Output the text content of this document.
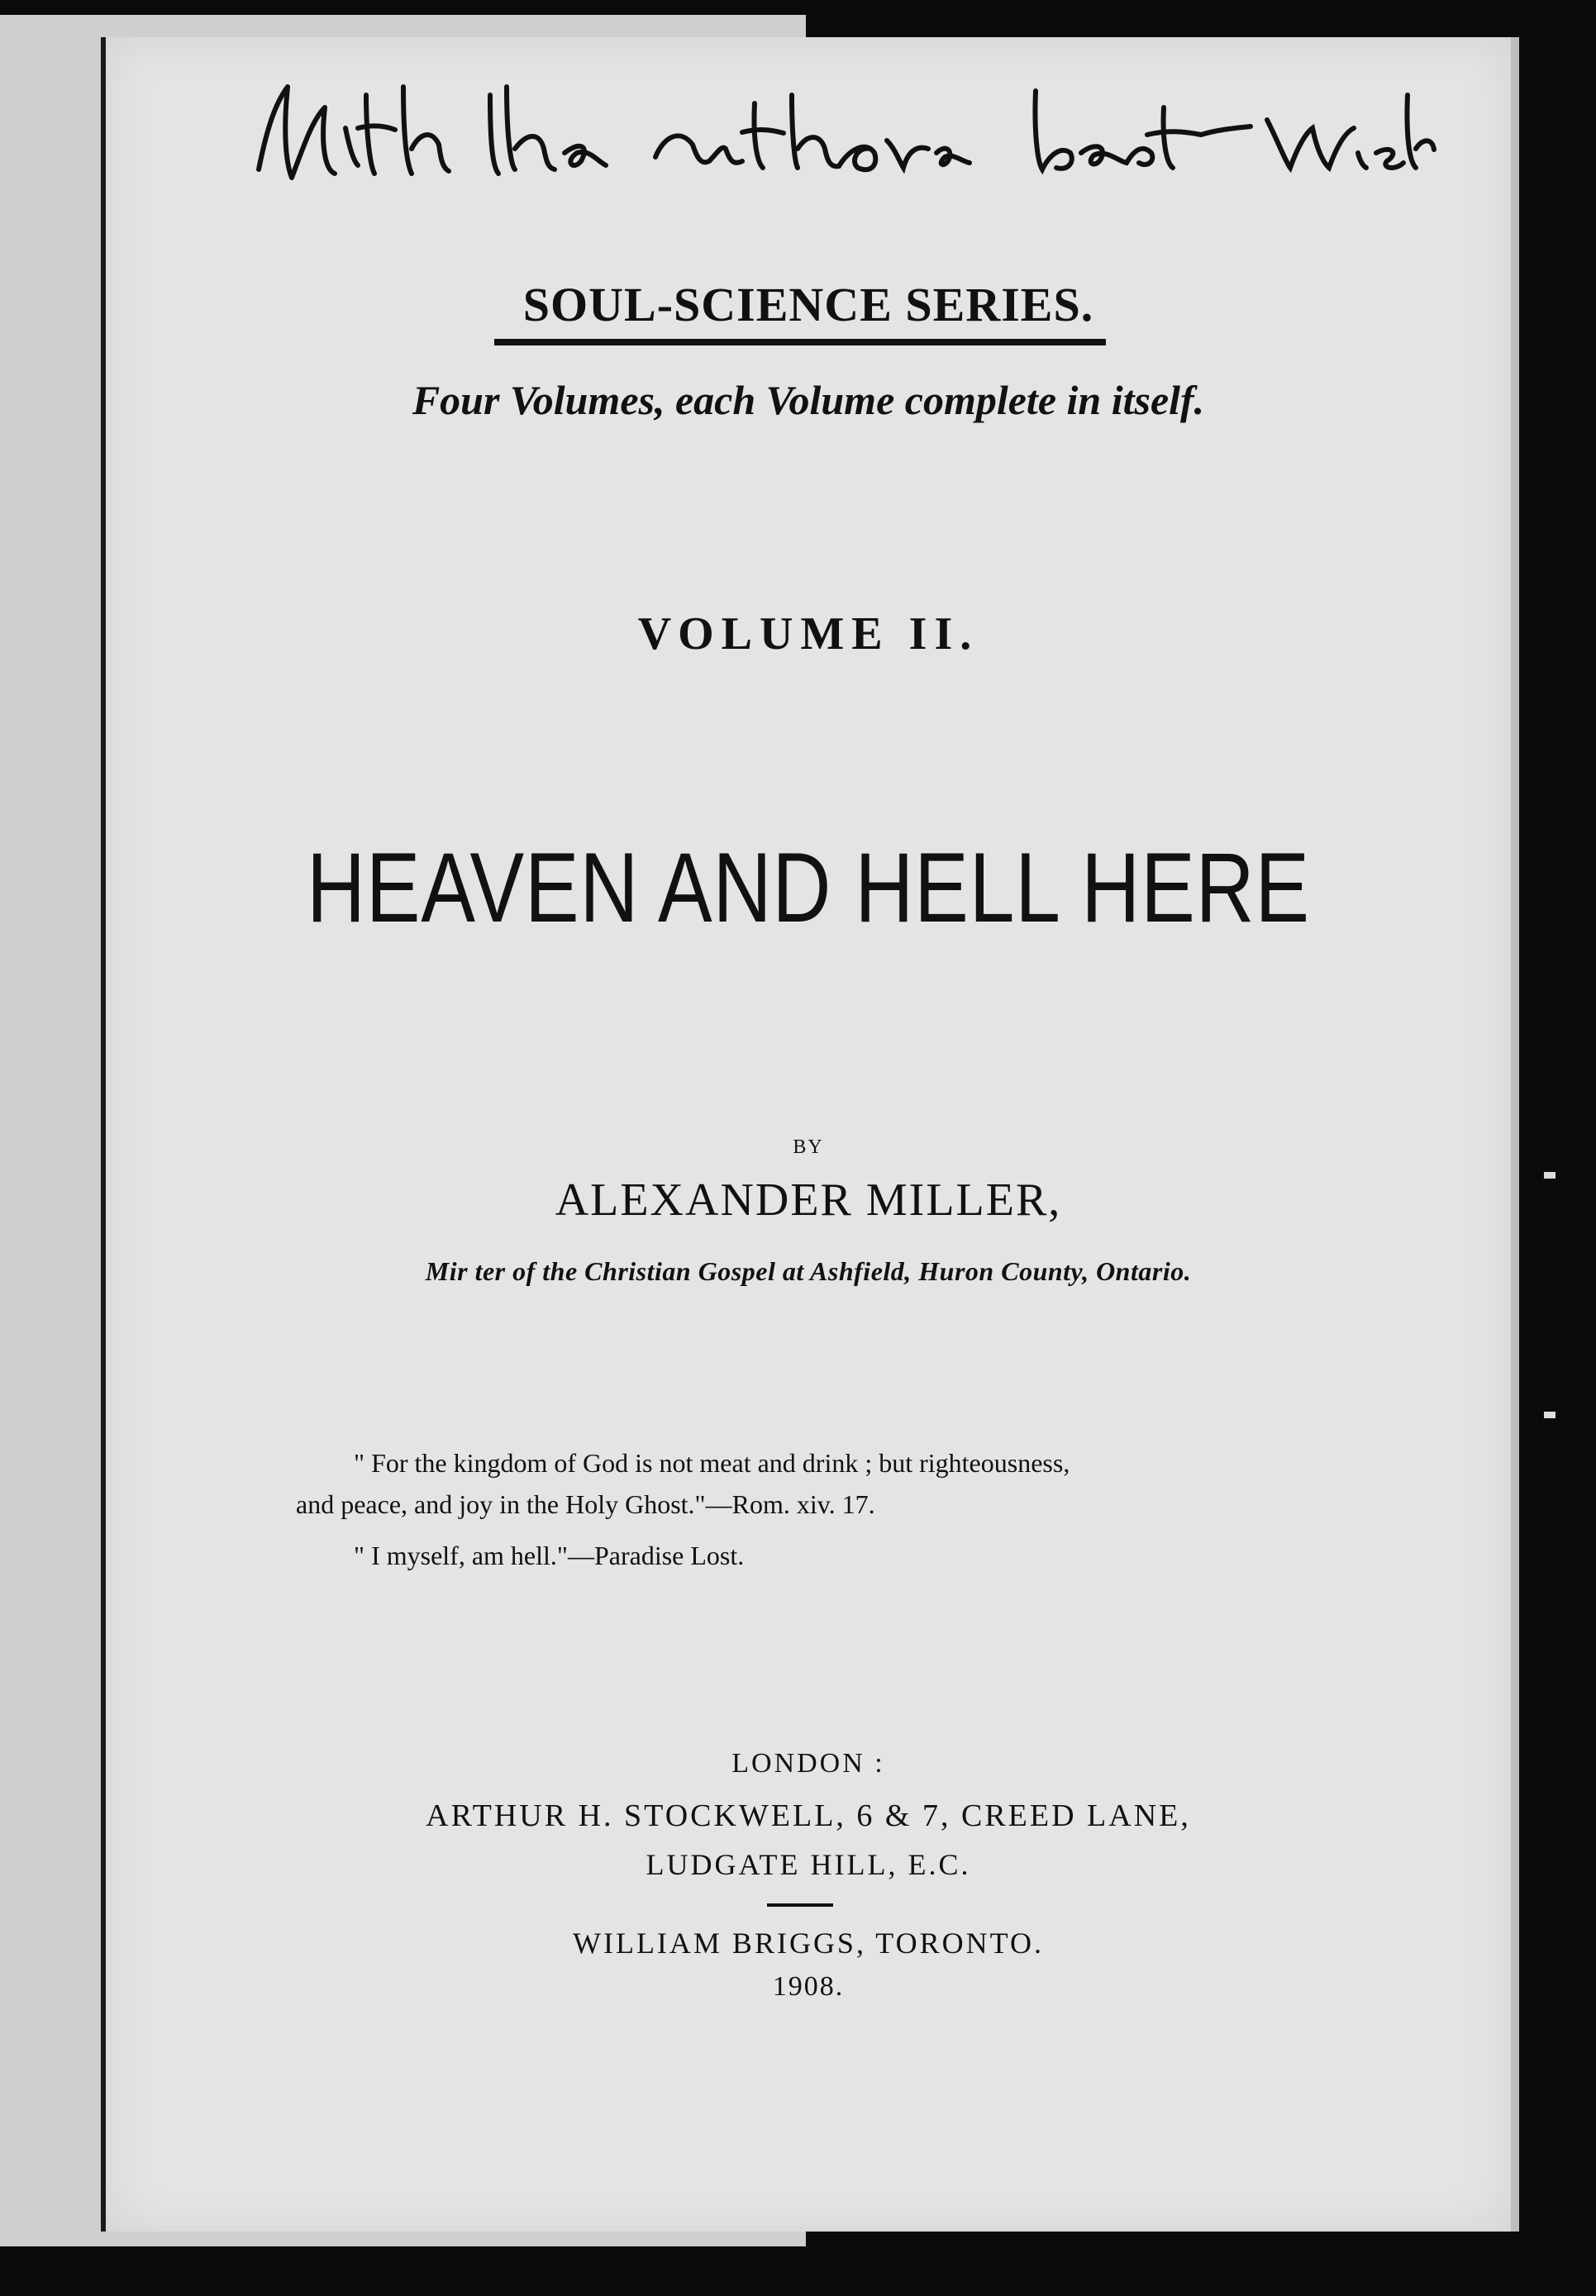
SOUL-SCIENCE SERIES.
Four Volumes, each Volume complete in itself.
VOLUME II.
HEAVEN AND HELL HERE
BY
ALEXANDER MILLER,
Mir ter of the Christian Gospel at Ashfield, Huron County, Ontario.
" For the kingdom of God is not meat and drink ; but righteousness,
and peace, and joy in the Holy Ghost."—Rom. xiv. 17.
" I myself, am hell."—Paradise Lost.
LONDON :
ARTHUR H. STOCKWELL, 6 & 7, CREED LANE,
LUDGATE HILL, E.C.
WILLIAM BRIGGS, TORONTO.
1908.
